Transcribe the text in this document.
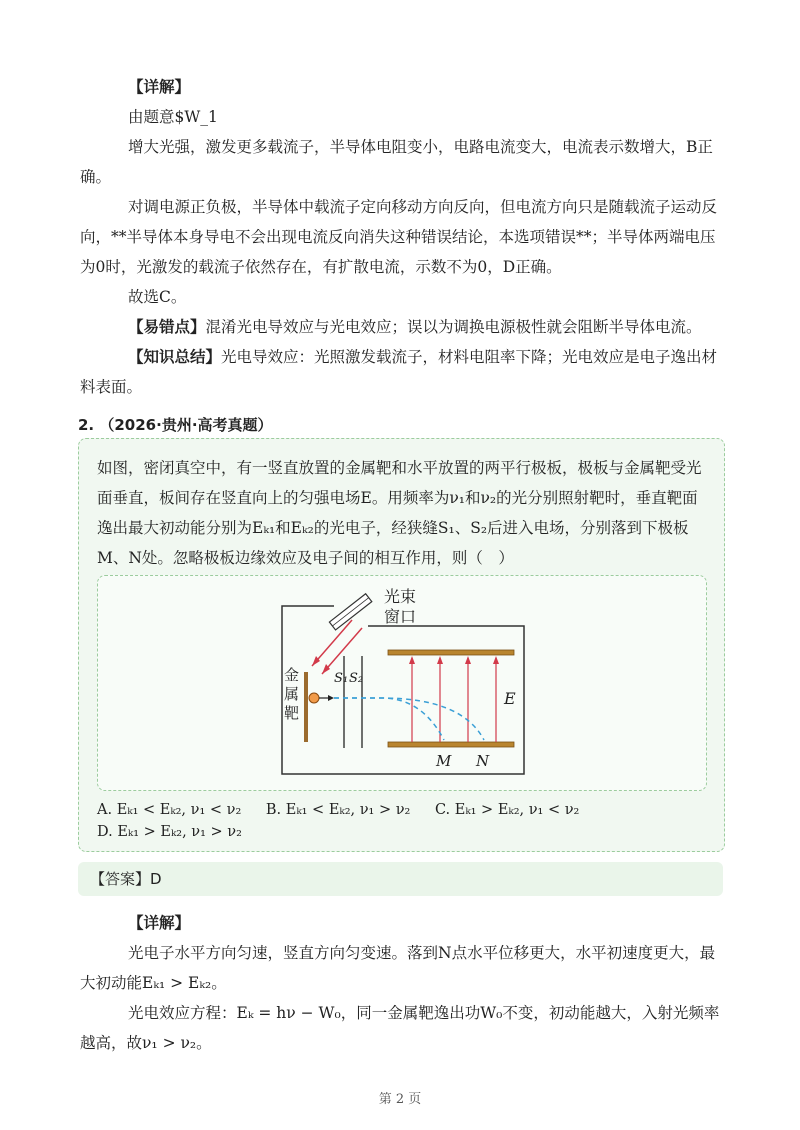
【详解】
由题意$W_1
增大光强，激发更多载流子，半导体电阻变小，电路电流变大，电流表示数增大，B正确。
对调电源正负极，半导体中载流子定向移动方向反向，但电流方向只是随载流子运动反向，**半导体本身导电不会出现电流反向消失这种错误结论，本选项错误**；半导体两端电压为0时，光激发的载流子依然存在，有扩散电流，示数不为0，D正确。
故选C。
【易错点】混淆光电导效应与光电效应；误以为调换电源极性就会阻断半导体电流。
【知识总结】光电导效应：光照激发载流子，材料电阻率下降；光电效应是电子逸出材料表面。
2. （2026·贵州·高考真题）
如图，密闭真空中，有一竖直放置的金属靶和水平放置的两平行极板，极板与金属靶受光面垂直，板间存在竖直向上的匀强电场E。用频率为ν₁和ν₂的光分别照射靶时，垂直靶面逸出最大初动能分别为Eₖ₁和Eₖ₂的光电子，经狭缝S₁、S₂后进入电场，分别落到下极板M、N处。忽略极板边缘效应及电子间的相互作用，则（　）
光束
窗口
金
属
靶
S₁ S₂
E
M N
A. Eₖ₁ < Eₖ₂, ν₁ < ν₂ B. Eₖ₁ < Eₖ₂, ν₁ > ν₂ C. Eₖ₁ > Eₖ₂, ν₁ < ν₂
D. Eₖ₁ > Eₖ₂, ν₁ > ν₂
【答案】D
【详解】
光电子水平方向匀速，竖直方向匀变速。落到N点水平位移更大，水平初速度更大，最大初动能Eₖ₁ > Eₖ₂。
光电效应方程：Eₖ = hν − W₀，同一金属靶逸出功W₀不变，初动能越大，入射光频率越高，故ν₁ > ν₂。
第 2 页
